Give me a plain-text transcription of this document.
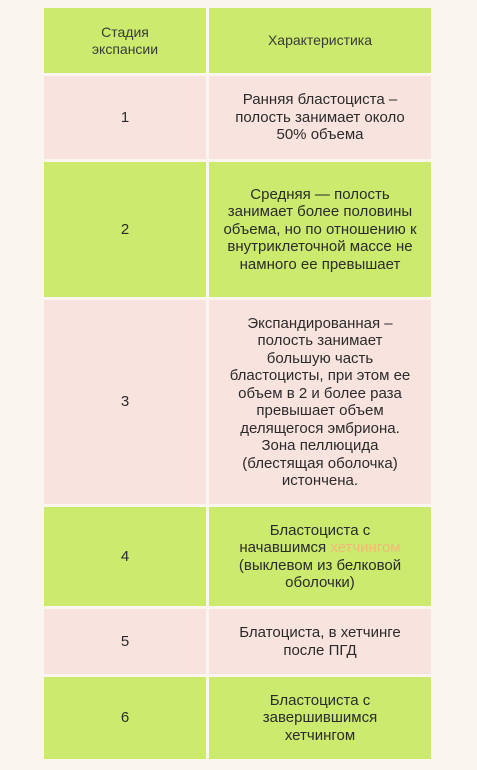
Стадия экспансии
Характеристика
1
Ранняя бластоциста – полость занимает около 50% объема
2
Средняя — полость занимает более половины объема, но по отношению к внутриклеточной массе не намного ее превышает
3
Экспандированная – полость занимает большую часть бластоцисты, при этом ее объем в 2 и более раза превышает объем делящегося эмбриона. Зона пеллюцида (блестящая оболочка) истончена.
4
Бластоциста с начавшимся хетчингом (выклевом из белковой оболочки)
5
Блатоциста, в хетчинге после ПГД
6
Бластоциста с завершившимся хетчингом
